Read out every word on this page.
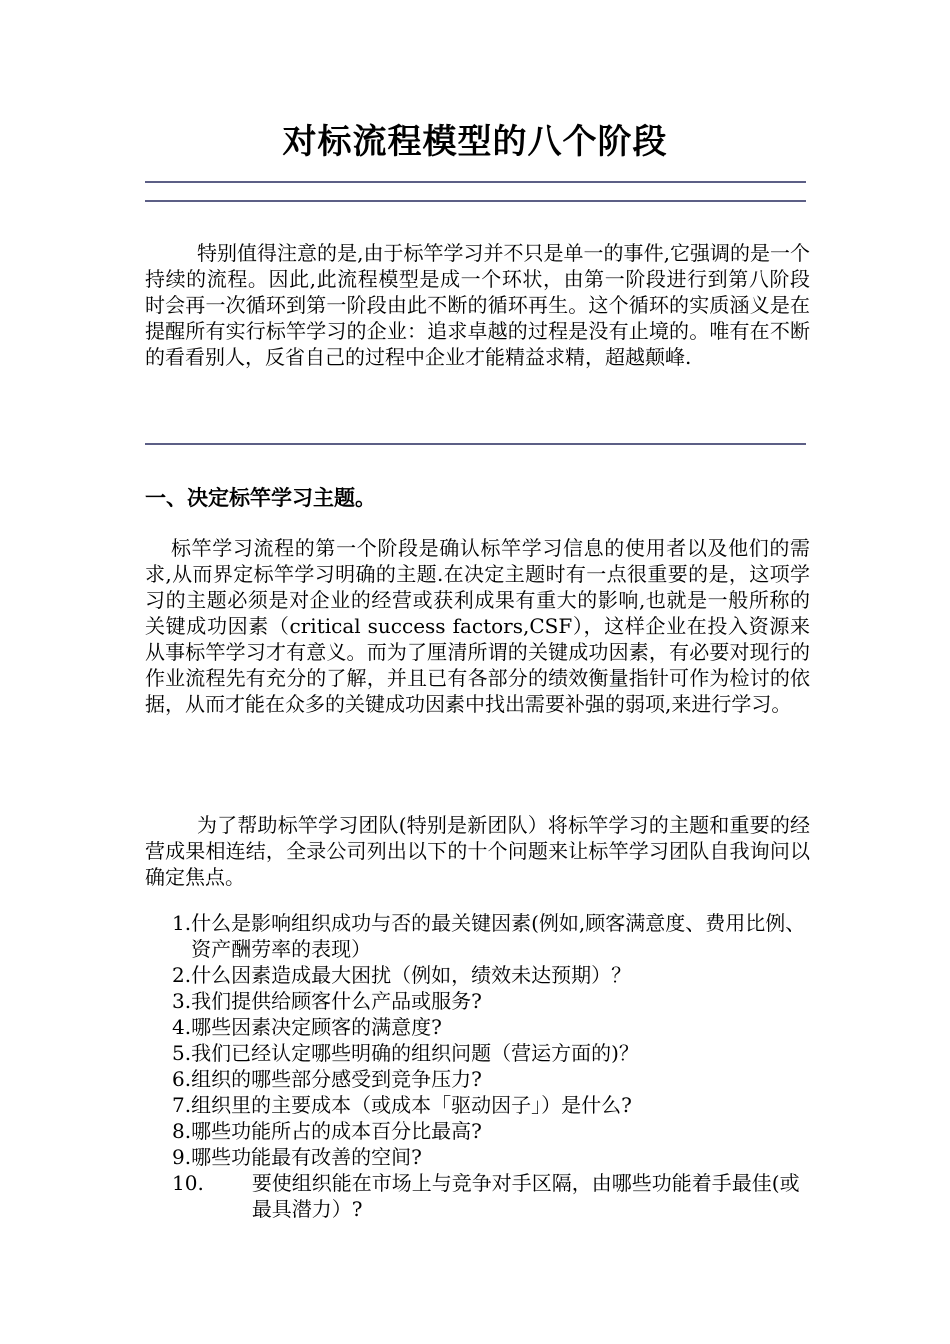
对标流程模型的八个阶段

特别值得注意的是,由于标竿学习并不只是单一的事件,它强调的是一个持续的流程。因此,此流程模型是成一个环状，由第一阶段进行到第八阶段时会再一次循环到第一阶段由此不断的循环再生。这个循环的实质涵义是在提醒所有实行标竿学习的企业：追求卓越的过程是没有止境的。唯有在不断的看看别人，反省自己的过程中企业才能精益求精，超越颠峰.

一、决定标竿学习主题。

标竿学习流程的第一个阶段是确认标竿学习信息的使用者以及他们的需求,从而界定标竿学习明确的主题.在决定主题时有一点很重要的是，这项学习的主题必须是对企业的经营或获利成果有重大的影响,也就是一般所称的关键成功因素（critical success factors,CSF），这样企业在投入资源来从事标竿学习才有意义。而为了厘清所谓的关键成功因素，有必要对现行的作业流程先有充分的了解，并且已有各部分的绩效衡量指针可作为检讨的依据，从而才能在众多的关键成功因素中找出需要补强的弱项,来进行学习。

为了帮助标竿学习团队(特别是新团队）将标竿学习的主题和重要的经营成果相连结，全录公司列出以下的十个问题来让标竿学习团队自我询问以确定焦点。

1. 什么是影响组织成功与否的最关键因素(例如,顾客满意度、费用比例、资产酬劳率的表现）
2. 什么因素造成最大困扰（例如，绩效未达预期）？
3. 我们提供给顾客什么产品或服务?
4. 哪些因素决定顾客的满意度?
5. 我们已经认定哪些明确的组织问题（营运方面的)？
6. 组织的哪些部分感受到竞争压力?
7. 组织里的主要成本（或成本「驱动因子」）是什么?
8. 哪些功能所占的成本百分比最高?
9. 哪些功能最有改善的空间?
10.	要使组织能在市场上与竞争对手区隔，由哪些功能着手最佳(或最具潜力）?
